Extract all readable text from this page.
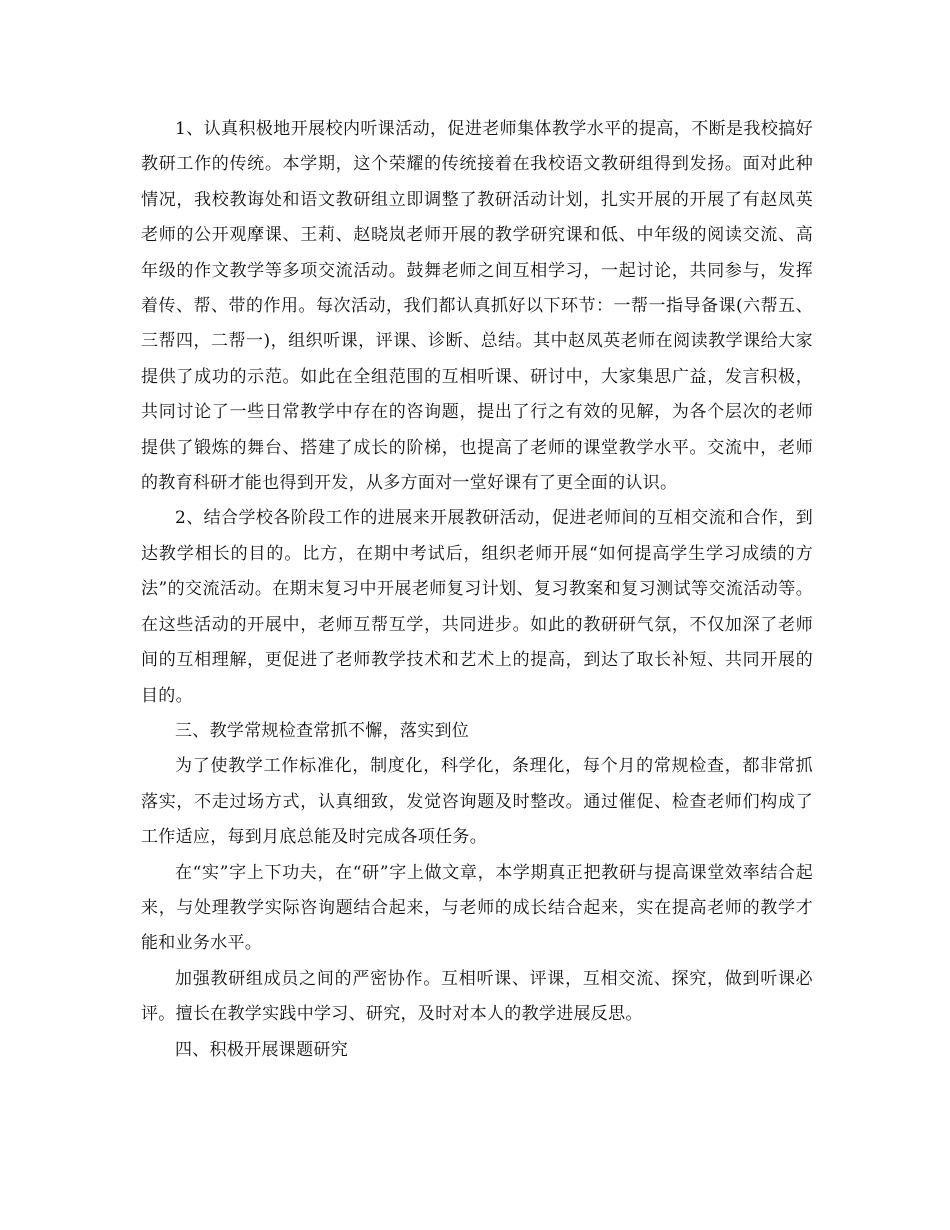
1、认真积极地开展校内听课活动，促进老师集体教学水平的提高，不断是我校搞好教研工作的传统。本学期，这个荣耀的传统接着在我校语文教研组得到发扬。面对此种情况，我校教诲处和语文教研组立即调整了教研活动计划，扎实开展的开展了有赵凤英老师的公开观摩课、王莉、赵晓岚老师开展的教学研究课和低、中年级的阅读交流、高年级的作文教学等多项交流活动。鼓舞老师之间互相学习，一起讨论，共同参与，发挥着传、帮、带的作用。每次活动，我们都认真抓好以下环节：一帮一指导备课(六帮五、三帮四，二帮一)，组织听课，评课、诊断、总结。其中赵凤英老师在阅读教学课给大家提供了成功的示范。如此在全组范围的互相听课、研讨中，大家集思广益，发言积极，共同讨论了一些日常教学中存在的咨询题，提出了行之有效的见解，为各个层次的老师提供了锻炼的舞台、搭建了成长的阶梯，也提高了老师的课堂教学水平。交流中，老师的教育科研才能也得到开发，从多方面对一堂好课有了更全面的认识。

2、结合学校各阶段工作的进展来开展教研活动，促进老师间的互相交流和合作，到达教学相长的目的。比方，在期中考试后，组织老师开展“如何提高学生学习成绩的方法”的交流活动。在期末复习中开展老师复习计划、复习教案和复习测试等交流活动等。在这些活动的开展中，老师互帮互学，共同进步。如此的教研研气氛，不仅加深了老师间的互相理解，更促进了老师教学技术和艺术上的提高，到达了取长补短、共同开展的目的。

三、教学常规检查常抓不懈，落实到位

为了使教学工作标准化，制度化，科学化，条理化，每个月的常规检查，都非常抓落实，不走过场方式，认真细致，发觉咨询题及时整改。通过催促、检查老师们构成了工作适应，每到月底总能及时完成各项任务。

在“实”字上下功夫，在“研”字上做文章，本学期真正把教研与提高课堂效率结合起来，与处理教学实际咨询题结合起来，与老师的成长结合起来，实在提高老师的教学才能和业务水平。

加强教研组成员之间的严密协作。互相听课、评课，互相交流、探究，做到听课必评。擅长在教学实践中学习、研究，及时对本人的教学进展反思。

四、积极开展课题研究
